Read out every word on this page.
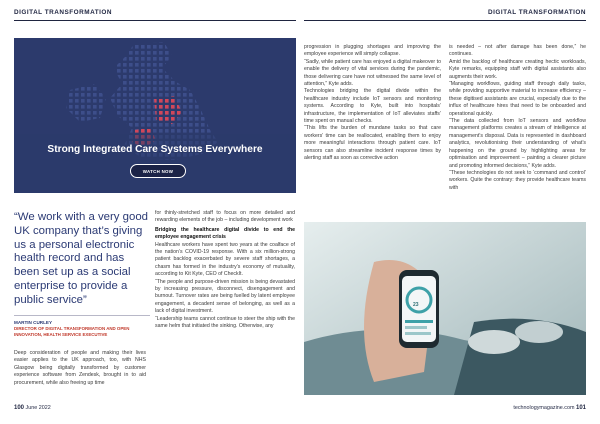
DIGITAL TRANSFORMATION	DIGITAL TRANSFORMATION
Strong Integrated Care Systems Everywhere
WATCH NOW
“We work with a very good UK company that’s giving us a personal electronic health record and has been set up as a social enterprise to provide a public service”
MARTIN CURLEY
DIRECTOR OF DIGITAL TRANSFORMATION AND OPEN INNOVATION, HEALTH SERVICE EXECUTIVE

Deep consideration of people and making their lives easier applies to the UK approach, too, with NHS Glasgow being digitally transformed by customer experience software from Zendesk, brought in to aid procurement, while also freeing up time

for thinly-stretched staff to focus on more detailed and rewarding elements of the job – including development work

Bridging the healthcare digital divide to end the employee engagement crisis

Healthcare workers have spent two years at the coalface of the nation’s COVID-19 response. With a six million-strong patient backlog exacerbated by severe staff shortages, a chasm has formed in the industry’s economy of mutuality, according to Kit Kyte, CEO of CheckIt.

“The people and purpose-driven mission is being devastated by increasing pressure, disconnect, disengagement and burnout. Turnover rates are being fuelled by latent employee engagement, a decadent sense of belonging, as well as a lack of digital investment.

“Leadership teams cannot continue to steer the ship with the same helm that initiated the sinking. Otherwise, any

progression in plugging shortages and improving the employee experience will simply collapse.

“Sadly, while patient care has enjoyed a digital makeover to enable the delivery of vital services during the pandemic, those delivering care have not witnessed the same level of attention,” Kyte adds.

Technologies bridging the digital divide within the healthcare industry include IoT sensors and monitoring systems. According to Kyte, built into hospitals’ infrastructure, the implementation of IoT alleviates staffs’ time spent on manual checks.

“This lifts the burden of mundane tasks so that care workers’ time can be reallocated, enabling them to enjoy more meaningful interactions through patient care. IoT sensors can also streamline incident response times by alerting staff as soon as corrective action

is needed – not after damage has been done,” he continues.

Amid the backlog of healthcare creating hectic workloads, Kyte remarks, equipping staff with digital assistants also augments their work.

“Managing workflows, guiding staff through daily tasks, while providing supportive material to increase efficiency – these digitised assistants are crucial, especially due to the influx of healthcare hires that need to be onboarded and operational quickly.

“The data collected from IoT sensors and workflow management platforms creates a stream of intelligence at management’s disposal. Data is represented in dashboard analytics, revolutionising their understanding of what’s happening on the ground by highlighting areas for optimisation and improvement – painting a clearer picture and promoting informed decisions,” Kyte adds.

“These technologies do not seek to ‘command and control’ workers. Quite the contrary: they provide healthcare teams with

23
100 June 2022	technologymagazine.com 101
